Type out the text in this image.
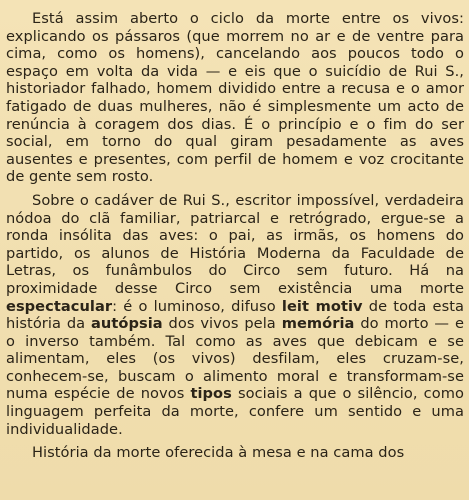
Está assim aberto o ciclo da morte entre os vivos: explicando os pássaros (que morrem no ar e de ventre para cima, como os homens), cancelando aos poucos todo o espaço em volta da vida — e eis que o suicídio de Rui S., historiador falhado, homem dividido entre a recusa e o amor fatigado de duas mulheres, não é simplesmente um acto de renúncia à coragem dos dias. É o princípio e o fim do ser social, em torno do qual giram pesadamente as aves ausentes e presentes, com perfil de homem e voz crocitante de gente sem rosto.

Sobre o cadáver de Rui S., escritor impossível, verdadeira nódoa do clã familiar, patriarcal e retrógrado, ergue-se a ronda insólita das aves: o pai, as irmãs, os homens do partido, os alunos de História Moderna da Faculdade de Letras, os funâmbulos do Circo sem futuro. Há na proximidade desse Circo sem existência uma morte espectacular: é o luminoso, difuso leit motiv de toda esta história da autópsia dos vivos pela memória do morto — e o inverso também. Tal como as aves que debicam e se alimentam, eles (os vivos) desfilam, eles cruzam-se, conhecem-se, buscam o alimento moral e transformam-se numa espécie de novos tipos sociais a que o silêncio, como linguagem perfeita da morte, confere um sentido e uma individualidade.

História da morte oferecida à mesa e na cama dos
